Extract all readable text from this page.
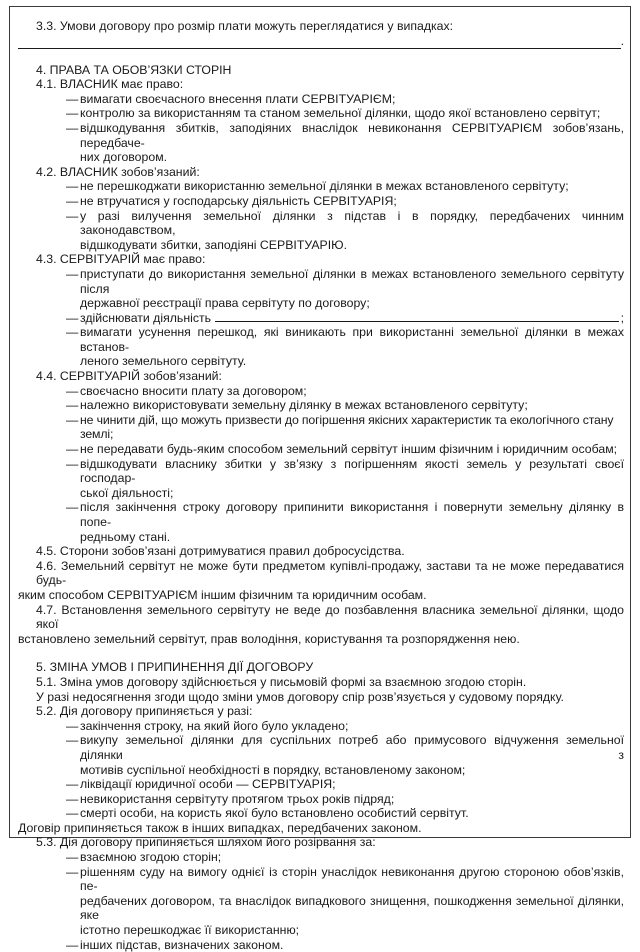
3.3. Умови договору про розмір плати можуть переглядатися у випадках:
.
4. ПРАВА ТА ОБОВ’ЯЗКИ СТОРІН
4.1. ВЛАСНИК має право:
— вимагати своєчасного внесення плати СЕРВІТУАРІЄМ;
— контролю за використанням та станом земельної ділянки, щодо якої встановлено сервітут;
— відшкодування збитків, заподіяних внаслідок невиконання СЕРВІТУАРІЄМ зобов’язань, передбаче-
них договором.
4.2. ВЛАСНИК зобов’язаний:
— не перешкоджати використанню земельної ділянки в межах встановленого сервітуту;
— не втручатися у господарську діяльність СЕРВІТУАРІЯ;
— у разі вилучення земельної ділянки з підстав і в порядку, передбачених чинним законодавством,
відшкодувати збитки, заподіяні СЕРВІТУАРІЮ.
4.3. СЕРВІТУАРІЙ має право:
— приступати до використання земельної ділянки в межах встановленого земельного сервітуту після
державної реєстрації права сервітуту по договору;
— здійснювати діяльність	;
— вимагати усунення перешкод, які виникають при використанні земельної ділянки в межах встанов-
леного земельного сервітуту.
4.4. СЕРВІТУАРІЙ зобов’язаний:
— своєчасно вносити плату за договором;
— належно використовувати земельну ділянку в межах встановленого сервітуту;
— не чинити дій, що можуть призвести до погіршення якісних характеристик та екологічного стану землі;
— не передавати будь-яким способом земельний сервітут іншим фізичним і юридичним особам;
— відшкодувати власнику збитки у зв’язку з погіршенням якості земель у результаті своєї господар-
ської діяльності;
— після закінчення строку договору припинити використання і повернути земельну ділянку в попе-
редньому стані.
4.5. Сторони зобов’язані дотримуватися правил добросусідства.
4.6. Земельний сервітут не може бути предметом купівлі-продажу, застави та не може передаватися будь-
яким способом СЕРВІТУАРІЄМ іншим фізичним та юридичним особам.
4.7. Встановлення земельного сервітуту не веде до позбавлення власника земельної ділянки, щодо якої
встановлено земельний сервітут, прав володіння, користування та розпорядження нею.
5. ЗМІНА УМОВ І ПРИПИНЕННЯ ДІЇ ДОГОВОРУ
5.1. Зміна умов договору здійснюється у письмовій формі за взаємною згодою сторін.
У разі недосягнення згоди щодо зміни умов договору спір розв’язується у судовому порядку.
5.2. Дія договору припиняється у разі:
— закінчення строку, на який його було укладено;
— викупу земельної ділянки для суспільних потреб або примусового відчуження земельної ділянки з
мотивів суспільної необхідності в порядку, встановленому законом;
— ліквідації юридичної особи — СЕРВІТУАРІЯ;
— невикористання сервітуту протягом трьох років підряд;
— смерті особи, на користь якої було встановлено особистий сервітут.
Договір припиняється також в інших випадках, передбачених законом.
5.3. Дія договору припиняється шляхом його розірвання за:
— взаємною згодою сторін;
— рішенням суду на вимогу однієї із сторін унаслідок невиконання другою стороною обов’язків, пе-
редбачених договором, та внаслідок випадкового знищення, пошкодження земельної ділянки, яке
істотно перешкоджає її використанню;
— інших підстав, визначених законом.
